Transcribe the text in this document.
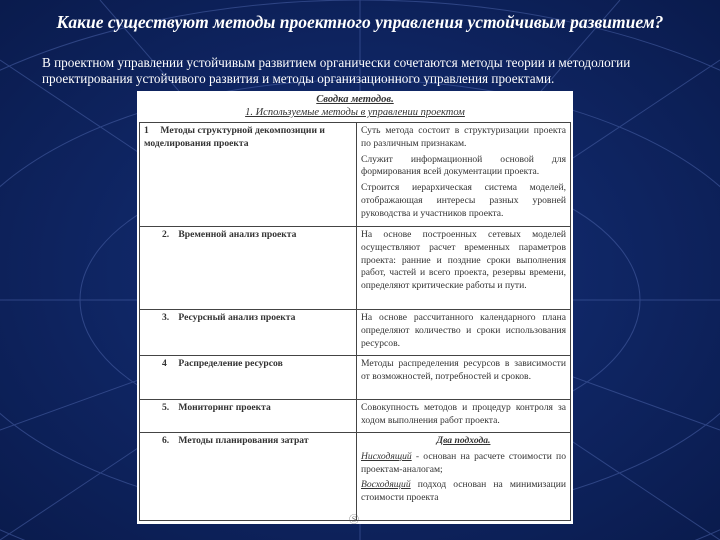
Какие существуют методы проектного управления устойчивым развитием?
В проектном управлении устойчивым развитием органически сочетаются методы теории и методологии проектирования устойчивого развития и методы организационного управления проектами.
Сводка методов.
1. Используемые методы в управлении проектом
1 Методы структурной декомпозиции и моделирования проекта	Суть метода состоит в структуризации проекта по различным признакам.

Служит информационной основой для формирования всей документации проекта.

Строится иерархическая система моделей, отображающая интересы разных уровней руководства и участников проекта.

2. Временной анализ проекта	На основе построенных сетевых моделей осуществляют расчет временных параметров проекта: ранние и поздние сроки выполнения работ, частей и всего проекта, резервы времени, определяют критические работы и пути.

3. Ресурсный анализ проекта	На основе рассчитанного календарного плана определяют количество и сроки использования ресурсов.

4 Распределение ресурсов	Методы распределения ресурсов в зависимости от возможностей, потребностей и сроков.

5. Мониторинг проекта	Совокупность методов и процедур контроля за ходом выполнения работ проекта.

6. Методы планирования затрат	Два подхода.

Нисходящий - основан на расчете стоимости по проектам-аналогам;

Восходящий подход основан на минимизации стоимости проекта

Ⓢ
